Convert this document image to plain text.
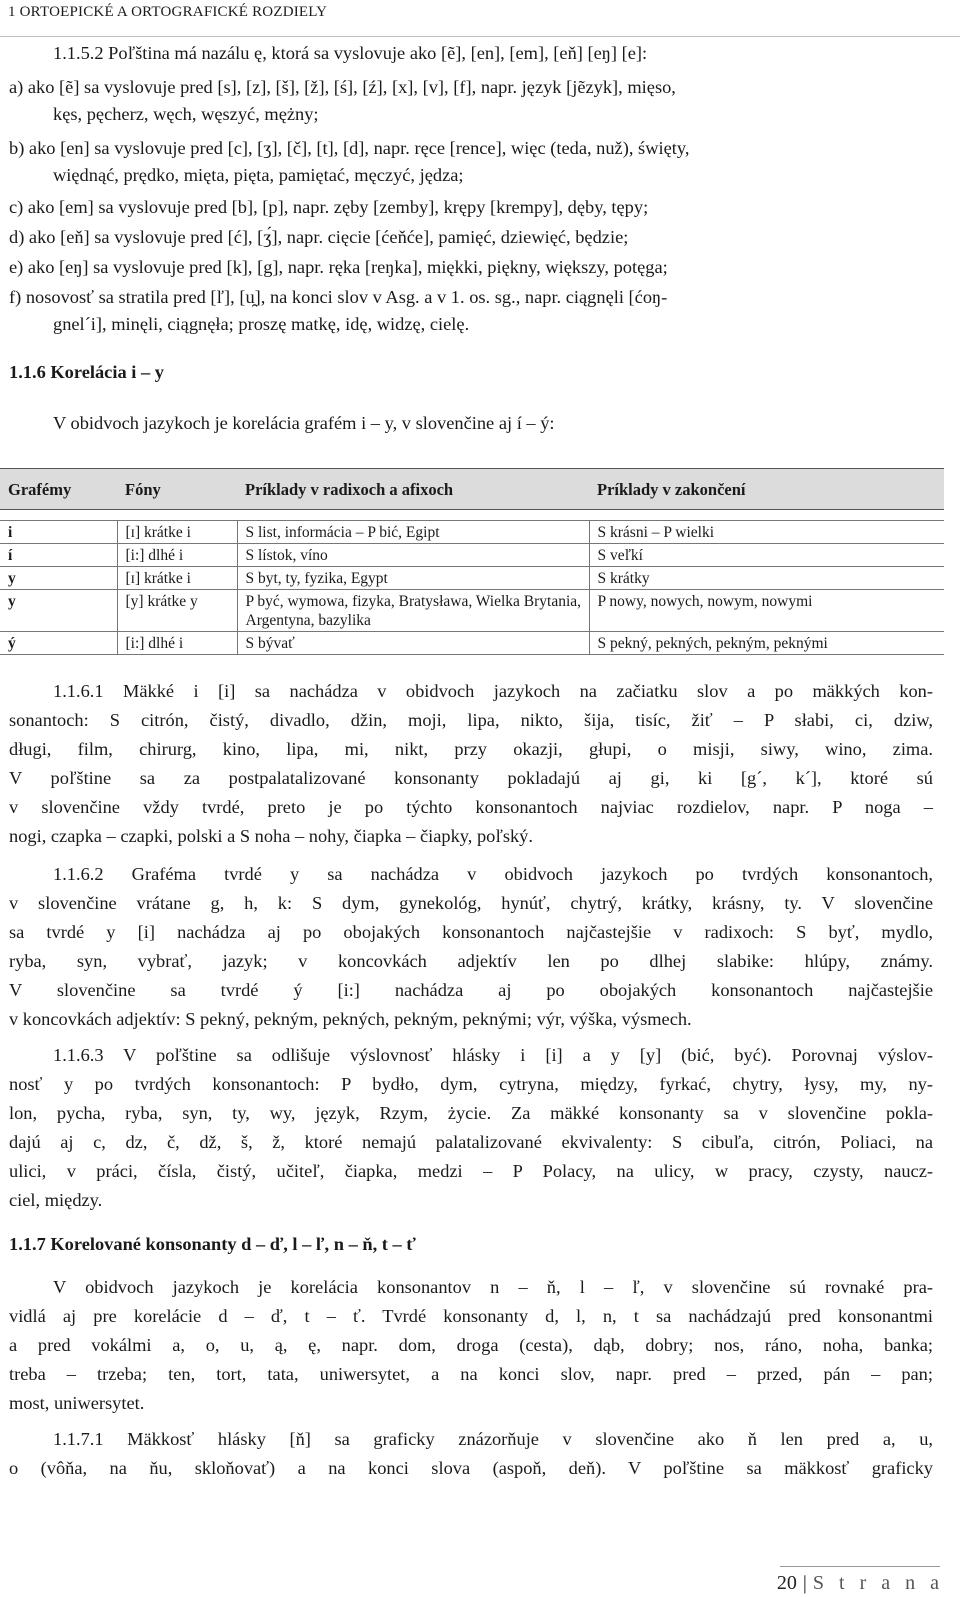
1 ORTOEPICKÉ A ORTOGRAFICKÉ ROZDIELY
1.1.5.2 Poľština má nazálu ę, ktorá sa vyslovuje ako [ẽ], [en], [em], [eň] [eŋ] [e]:
a) ako [ẽ] sa vyslovuje pred [s], [z], [š], [ž], [ś], [ź], [x], [v], [f], napr. język [jẽzyk], mięso,
kęs, pęcherz, węch, węszyć, mężny;
b) ako [en] sa vyslovuje pred [c], [ʒ], [č], [t], [d], napr. ręce [rence], więc (teda, nuž), święty,
więdnąć, prędko, mięta, pięta, pamiętać, męczyć, jędza;
c) ako [em] sa vyslovuje pred [b], [p], napr. zęby [zemby], krępy [krempy], dęby, tępy;
d) ako [eň] sa vyslovuje pred [ć], [ʒ́], napr. cięcie [ćeňće], pamięć, dziewięć, będzie;
e) ako [eŋ] sa vyslovuje pred [k], [g], napr. ręka [reŋka], miękki, piękny, większy, potęga;
f) nosovosť sa stratila pred [ľ], [u̯], na konci slov v Asg. a v 1. os. sg., napr. ciągnęli [ćoŋ-
gnel´i], minęli, ciągnęła; proszę matkę, idę, widzę, cielę.
1.1.6 Korelácia i – y
V obidvoch jazykoch je korelácia grafém i – y, v slovenčine aj í – ý:
Grafémy	Fóny	Príklady v radixoch a afixoch	Príklady v zakončení

i	[ɪ] krátke i	S list, informácia – P bić, Egipt	S krásni – P wielki
í	[i:] dlhé i	S lístok, víno	S veľkí
y	[ɪ] krátke i	S byt, ty, fyzika, Egypt	S krátky
y	[y] krátke y	P być, wymowa, fizyka, Bratysława, Wielka Brytania, Argentyna, bazylika	P nowy, nowych, nowym, nowymi
ý	[i:] dlhé i	S bývať	S pekný, pekných, pekným, peknými
1.1.6.1 Mäkké i [i] sa nachádza v obidvoch jazykoch na začiatku slov a po mäkkých kon-
sonantoch: S citrón, čistý, divadlo, džin, moji, lipa, nikto, šija, tisíc, žiť – P słabi, ci, dziw,
długi, film, chirurg, kino, lipa, mi, nikt, przy okazji, głupi, o misji, siwy, wino, zima.
V poľštine sa za postpalatalizované konsonanty pokladajú aj gi, ki [g´, k´], ktoré sú
v slovenčine vždy tvrdé, preto je po týchto konsonantoch najviac rozdielov, napr. P noga –
nogi, czapka – czapki, polski a S noha – nohy, čiapka – čiapky, poľský.
1.1.6.2 Graféma tvrdé y sa nachádza v obidvoch jazykoch po tvrdých konsonantoch,
v slovenčine vrátane g, h, k: S dym, gynekológ, hynúť, chytrý, krátky, krásny, ty. V slovenčine
sa tvrdé y [i] nachádza aj po obojakých konsonantoch najčastejšie v radixoch: S byť, mydlo,
ryba, syn, vybrať, jazyk; v koncovkách adjektív len po dlhej slabike: hlúpy, známy.
V slovenčine sa tvrdé ý [i:] nachádza aj po obojakých konsonantoch najčastejšie
v koncovkách adjektív: S pekný, pekným, pekných, pekným, peknými; výr, výška, výsmech.
1.1.6.3 V poľštine sa odlišuje výslovnosť hlásky i [i] a y [y] (bić, być). Porovnaj výslov-
nosť y po tvrdých konsonantoch: P bydło, dym, cytryna, między, fyrkać, chytry, łysy, my, ny-
lon, pycha, ryba, syn, ty, wy, język, Rzym, życie. Za mäkké konsonanty sa v slovenčine pokla-
dajú aj c, dz, č, dž, š, ž, ktoré nemajú palatalizované ekvivalenty: S cibuľa, citrón, Poliaci, na
ulici, v práci, čísla, čistý, učiteľ, čiapka, medzi – P Polacy, na ulicy, w pracy, czysty, naucz-
ciel, między.
1.1.7 Korelované konsonanty d – ď, l – ľ, n – ň, t – ť
V obidvoch jazykoch je korelácia konsonantov n – ň, l – ľ, v slovenčine sú rovnaké pra-
vidlá aj pre korelácie d – ď, t – ť. Tvrdé konsonanty d, l, n, t sa nachádzajú pred konsonantmi
a pred vokálmi a, o, u, ą, ę, napr. dom, droga (cesta), dąb, dobry; nos, ráno, noha, banka;
treba – trzeba; ten, tort, tata, uniwersytet, a na konci slov, napr. pred – przed, pán – pan;
most, uniwersytet.
1.1.7.1 Mäkkosť hlásky [ň] sa graficky znázorňuje v slovenčine ako ň len pred a, u,
o (vôňa, na ňu, skloňovať) a na konci slova (aspoň, deň). V poľštine sa mäkkosť graficky
20 | S t r a n a
